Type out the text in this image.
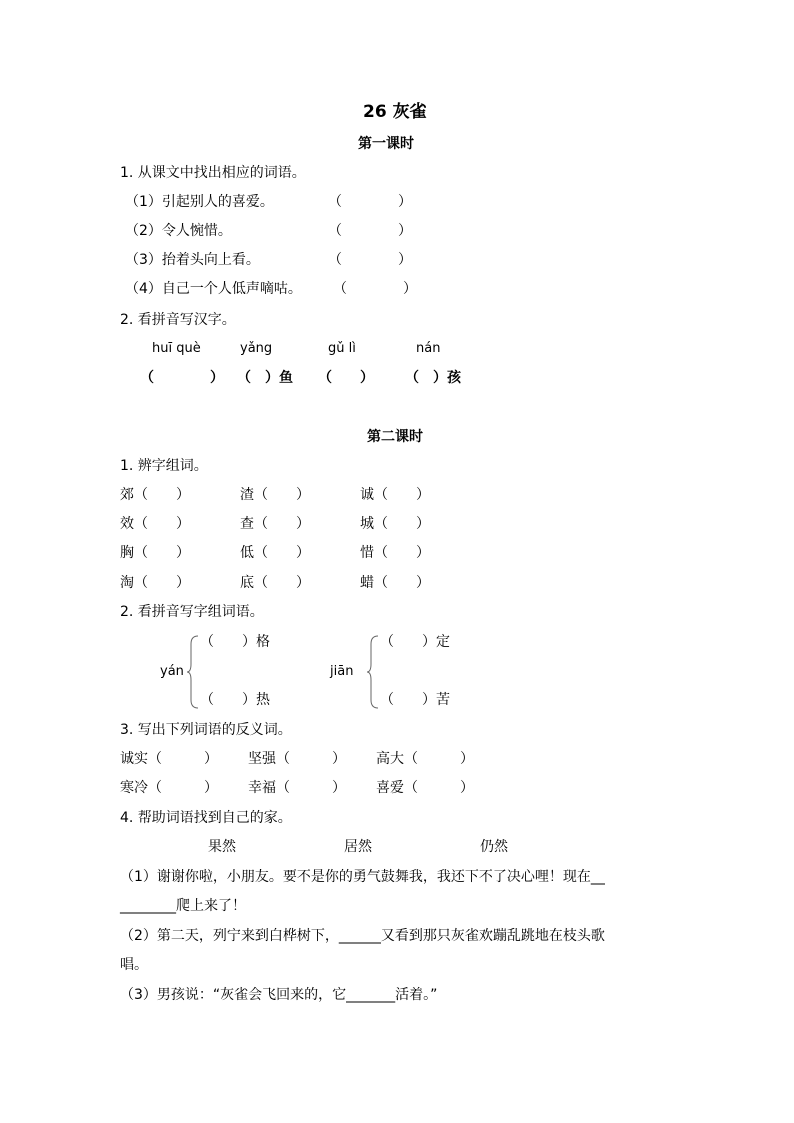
26 灰雀
第一课时
1. 从课文中找出相应的词语。
（1）引起别人的喜爱。	（　　　　）
（2）令人惋惜。	（　　　　）
（3）抬着头向上看。	（　　　　）
（4）自己一个人低声嘀咕。 （　　　　）
2. 看拼音写汉字。
huī què	yǎng	gǔ lì	nán
（　　　　） （　）鱼 （　　） （　）孩
第二课时
1. 辨字组词。
郊（　　）	渣（　　）	诚（　　）
效（　　）	查（　　）	城（　　）
胸（　　）	低（　　）	惜（　　）
淘（　　）	底（　　）	蜡（　　）
2. 看拼音写字组词语。
yán
（　　）格
（　　）热
jiān
（　　）定
（　　）苦
3. 写出下列词语的反义词。
诚实（　　　） 坚强（　　　） 高大（　　　）
寒冷（　　　） 幸福（　　　） 喜爱（　　　）
4. 帮助词语找到自己的家。
果然	居然	仍然
（1）谢谢你啦，小朋友。要不是你的勇气鼓舞我，我还下不了决心哩！现在__
________爬上来了！
（2）第二天，列宁来到白桦树下，______又看到那只灰雀欢蹦乱跳地在枝头歌
唱。
（3）男孩说：“灰雀会飞回来的，它_______活着。”
